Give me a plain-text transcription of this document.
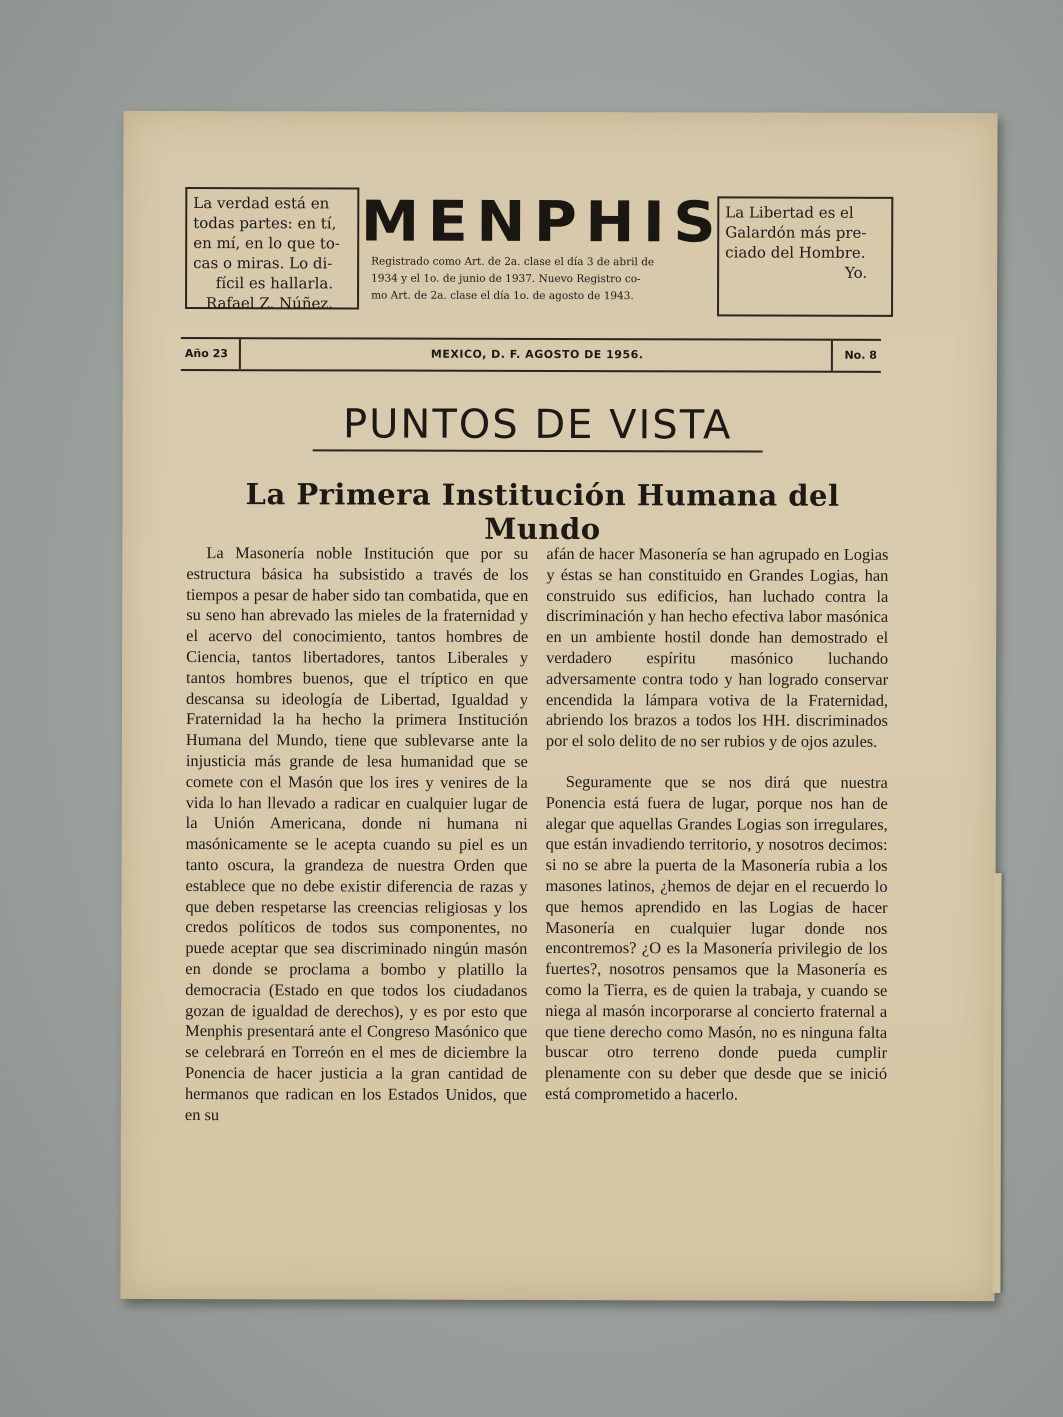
La verdad está en
todas partes: en tí,
en mí, en lo que to-
cas o miras. Lo di-
fícil es hallarla.
Rafael Z. Núñez.
MENPHIS
Registrado como Art. de 2a. clase el día 3 de abril de
1934 y el 1o. de junio de 1937. Nuevo Registro co-
mo Art. de 2a. clase el día 1o. de agosto de 1943.
La Libertad es el
Galardón más pre-
ciado del Hombre.
Yo.
Año 23	MEXICO, D. F. AGOSTO DE 1956.	No. 8
PUNTOS DE VISTA
La Primera Institución Humana del Mundo

La Masonería noble Institución que por su estructura básica ha subsistido a través de los tiempos a pesar de haber sido tan combatida, que en su seno han abrevado las mieles de la fraternidad y el acervo del conocimiento, tantos hombres de Ciencia, tantos libertadores, tantos Liberales y tantos hombres buenos, que el tríptico en que descansa su ideología de Libertad, Igualdad y Fraternidad la ha hecho la primera Institución Humana del Mundo, tiene que sublevarse ante la injusticia más grande de lesa humanidad que se comete con el Masón que los ires y venires de la vida lo han llevado a radicar en cualquier lugar de la Unión Americana, donde ni humana ni masónicamente se le acepta cuando su piel es un tanto oscura, la grandeza de nuestra Orden que establece que no debe existir diferencia de razas y que deben respetarse las creencias religiosas y los credos políticos de todos sus componentes, no puede aceptar que sea discriminado ningún masón en donde se proclama a bombo y platillo la democracia (Estado en que todos los ciudadanos gozan de igualdad de derechos), y es por esto que Menphis presentará ante el Congreso Masónico que se celebrará en Torreón en el mes de diciembre la Ponencia de hacer justicia a la gran cantidad de hermanos que radican en los Estados Unidos, que en su

afán de hacer Masonería se han agrupado en Logias y éstas se han constituido en Grandes Logias, han construido sus edificios, han luchado contra la discriminación y han hecho efectiva labor masónica en un ambiente hostil donde han demostrado el verdadero espíritu masónico luchando adversamente contra todo y han logrado conservar encendida la lámpara votiva de la Fraternidad, abriendo los brazos a todos los HH. discriminados por el solo delito de no ser rubios y de ojos azules.

Seguramente que se nos dirá que nuestra Ponencia está fuera de lugar, porque nos han de alegar que aquellas Grandes Logias son irregulares, que están invadiendo territorio, y nosotros decimos: si no se abre la puerta de la Masonería rubia a los masones latinos, ¿hemos de dejar en el recuerdo lo que hemos aprendido en las Logias de hacer Masonería en cualquier lugar donde nos encontremos? ¿O es la Masonería privilegio de los fuertes?, nosotros pensamos que la Masonería es como la Tierra, es de quien la trabaja, y cuando se niega al masón incorporarse al concierto fraternal a que tiene derecho como Masón, no es ninguna falta buscar otro terreno donde pueda cumplir plenamente con su deber que desde que se inició está comprometido a hacerlo.
